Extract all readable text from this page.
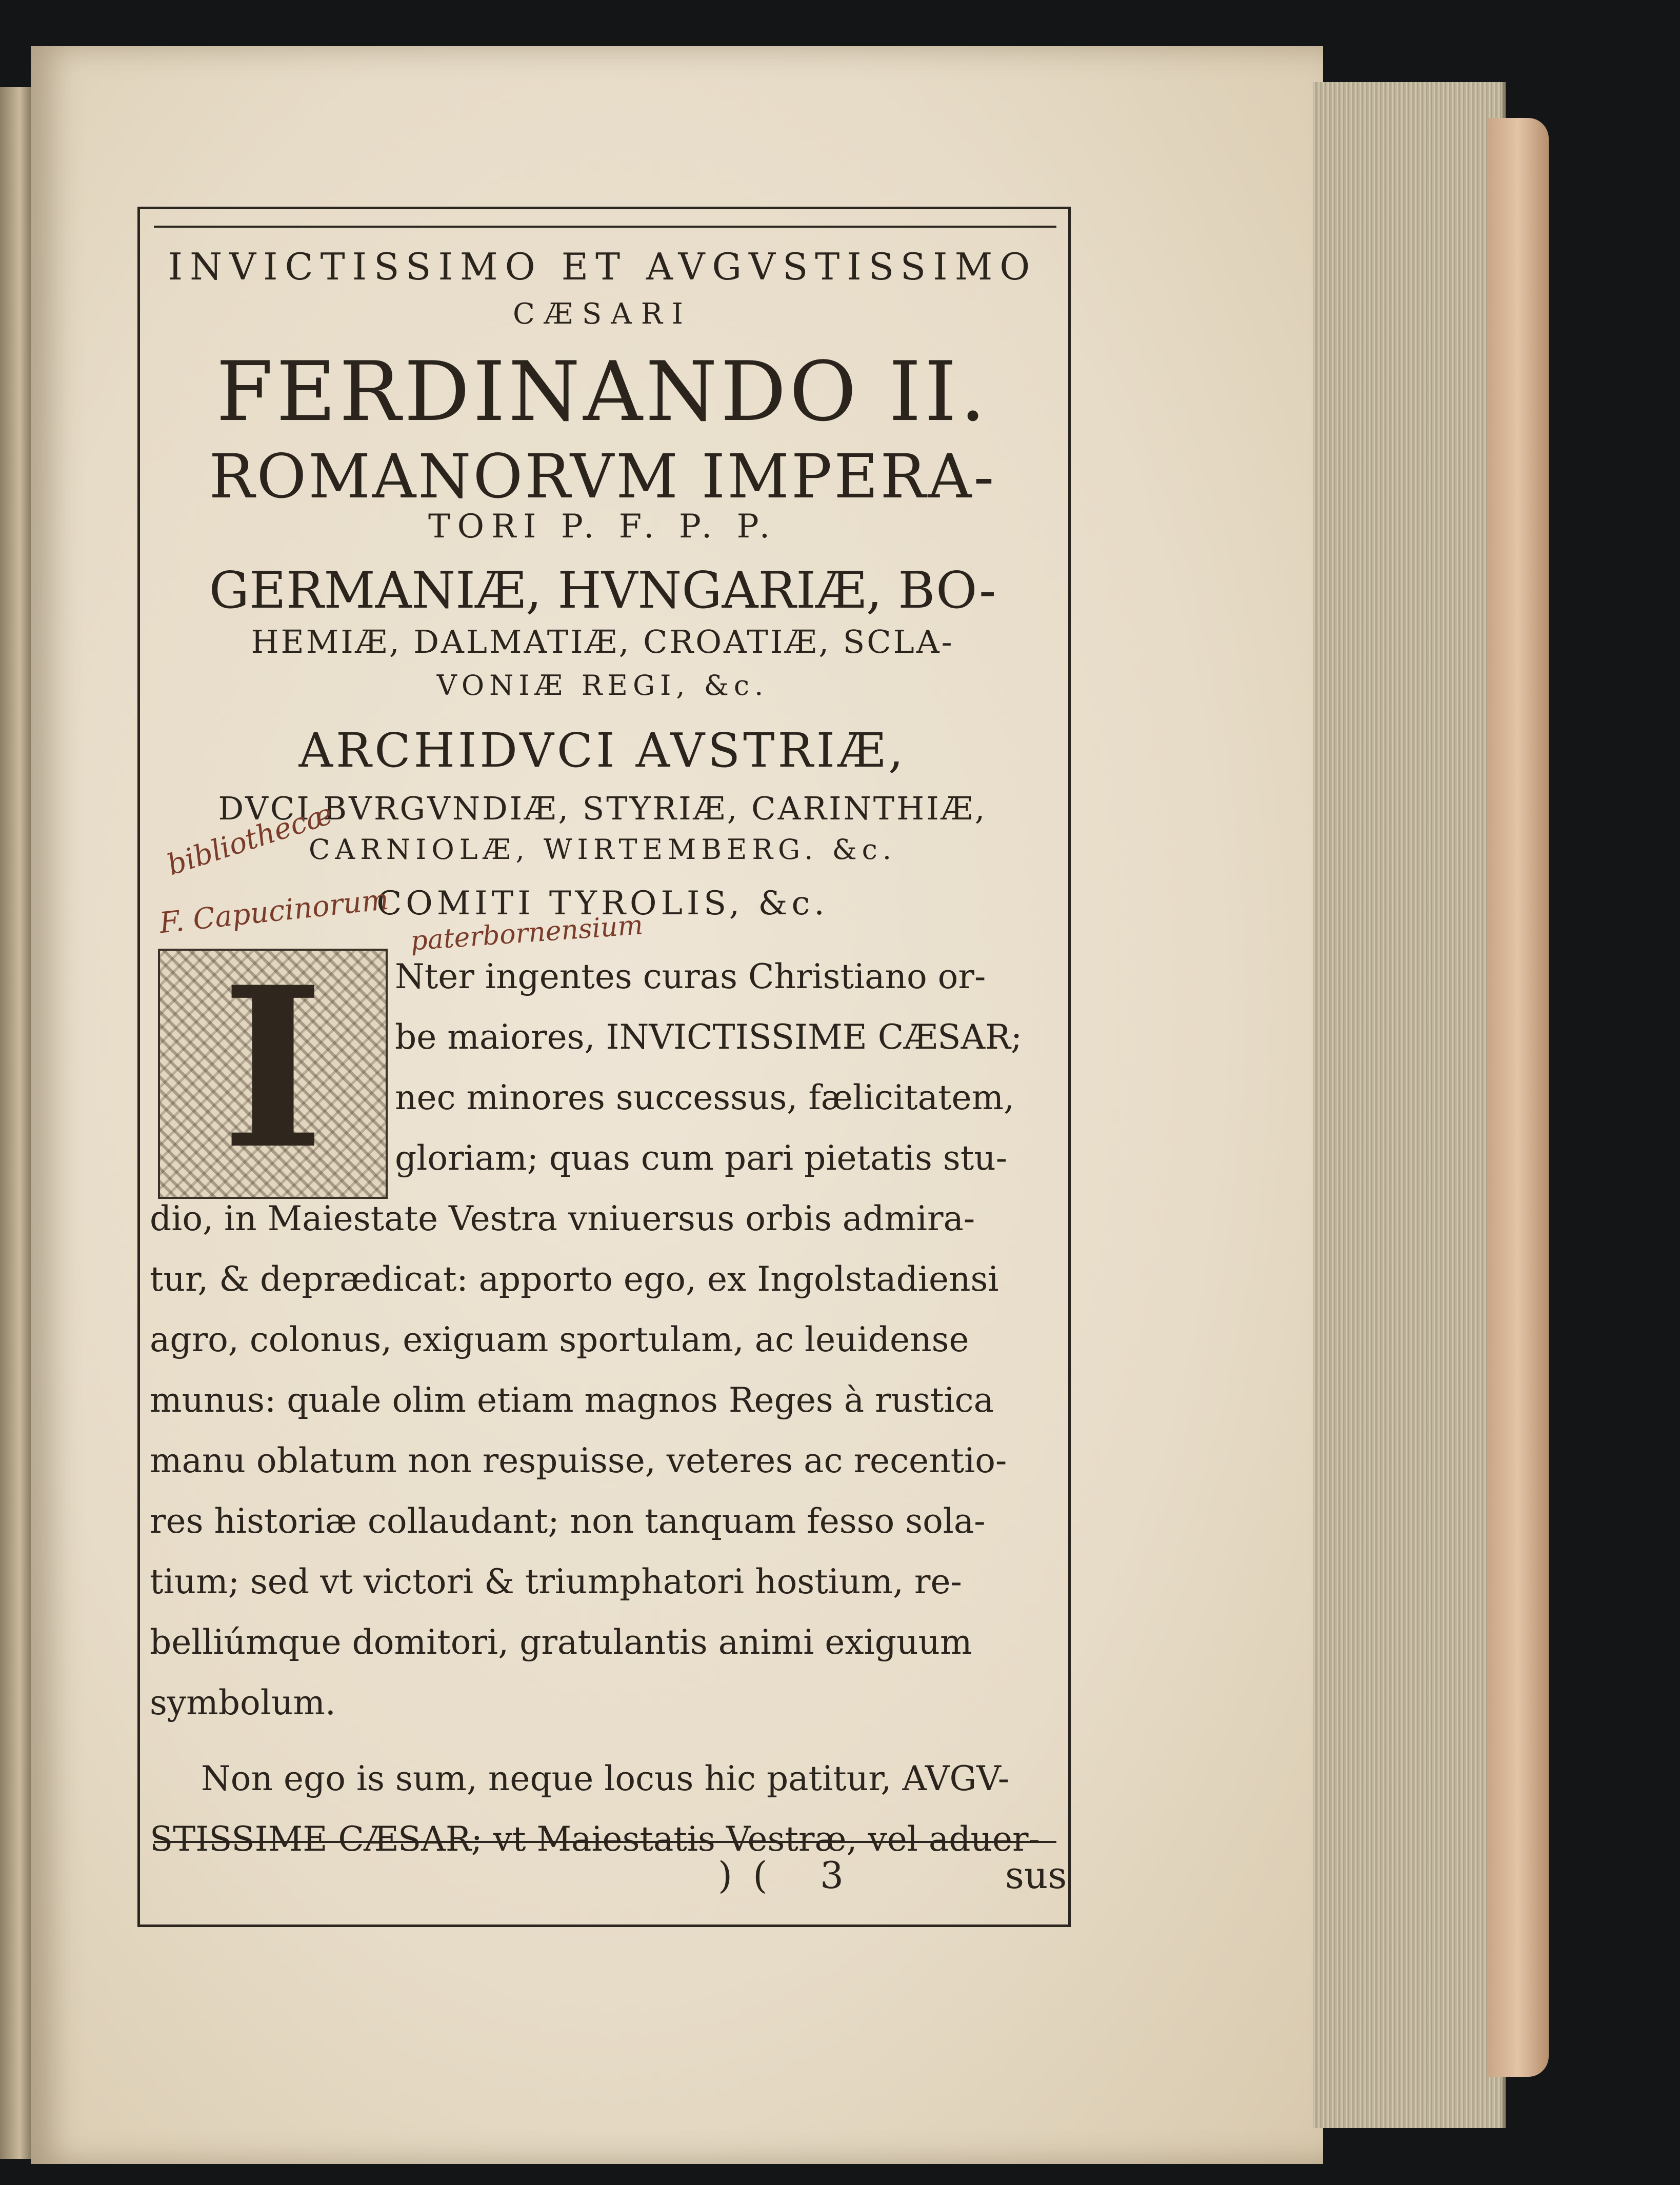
INVICTISSIMO ET AVGVSTISSIMO

CÆSARI

FERDINANDO II.

ROMANORVM IMPERA-

TORI P. F. P. P.

GERMANIÆ, HVNGARIÆ, BO-

HEMIÆ, DALMATIÆ, CROATIÆ, SCLA-

VONIÆ REGI, &c.

ARCHIDVCI AVSTRIÆ,

DVCI BVRGVNDIÆ, STYRIÆ, CARINTHIÆ,

CARNIOLÆ, WIRTEMBERG. &c.

COMITI TYROLIS, &c.

bibliothecæ

F. Capucinorum paterbornensium

I	Nter ingentes curas Christiano or-

be maiores, INVICTISSIME CÆSAR;

nec minores successus, fælicitatem,

gloriam; quas cum pari pietatis stu-

dio, in Maiestate Vestra vniuersus orbis admira-

tur, & deprædicat: apporto ego, ex Ingolstadiensi

agro, colonus, exiguam sportulam, ac leuidense

munus: quale olim etiam magnos Reges à rustica

manu oblatum non respuisse, veteres ac recentio-

res historiæ collaudant; non tanquam fesso sola-

tium; sed vt victori & triumphatori hostium, re-

belliúmque domitori, gratulantis animi exiguum

symbolum.

Non ego is sum, neque locus hic patitur, AVGV-

STISSIME CÆSAR; vt Maiestatis Vestræ, vel aduer-

)( 3	sus
